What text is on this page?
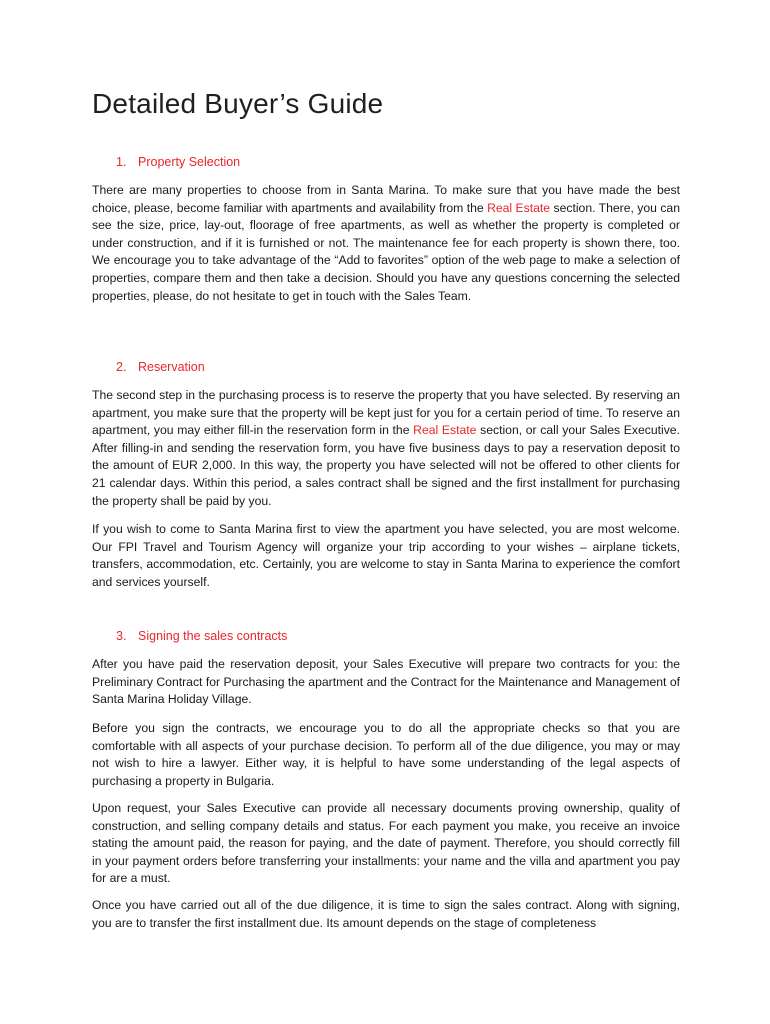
Detailed Buyer’s Guide
1. Property Selection

There are many properties to choose from in Santa Marina. To make sure that you have made the best choice, please, become familiar with apartments and availability from the Real Estate section. There, you can see the size, price, lay-out, floorage of free apartments, as well as whether the property is completed or under construction, and if it is furnished or not. The maintenance fee for each property is shown there, too. We encourage you to take advantage of the “Add to favorites” option of the web page to make a selection of properties, compare them and then take a decision. Should you have any questions concerning the selected properties, please, do not hesitate to get in touch with the Sales Team.

2. Reservation

The second step in the purchasing process is to reserve the property that you have selected. By reserving an apartment, you make sure that the property will be kept just for you for a certain period of time. To reserve an apartment, you may either fill-in the reservation form in the Real Estate section, or call your Sales Executive. After filling-in and sending the reservation form, you have five business days to pay a reservation deposit to the amount of EUR 2,000. In this way, the property you have selected will not be offered to other clients for 21 calendar days. Within this period, a sales contract shall be signed and the first installment for purchasing the property shall be paid by you.

If you wish to come to Santa Marina first to view the apartment you have selected, you are most welcome. Our FPI Travel and Tourism Agency will organize your trip according to your wishes – airplane tickets, transfers, accommodation, etc. Certainly, you are welcome to stay in Santa Marina to experience the comfort and services yourself.

3. Signing the sales contracts

After you have paid the reservation deposit, your Sales Executive will prepare two contracts for you: the Preliminary Contract for Purchasing the apartment and the Contract for the Maintenance and Management of Santa Marina Holiday Village.

Before you sign the contracts, we encourage you to do all the appropriate checks so that you are comfortable with all aspects of your purchase decision. To perform all of the due diligence, you may or may not wish to hire a lawyer. Either way, it is helpful to have some understanding of the legal aspects of purchasing a property in Bulgaria.

Upon request, your Sales Executive can provide all necessary documents proving ownership, quality of construction, and selling company details and status. For each payment you make, you receive an invoice stating the amount paid, the reason for paying, and the date of payment. Therefore, you should correctly fill in your payment orders before transferring your installments: your name and the villa and apartment you pay for are a must.

Once you have carried out all of the due diligence, it is time to sign the sales contract. Along with signing, you are to transfer the first installment due. Its amount depends on the stage of completeness
